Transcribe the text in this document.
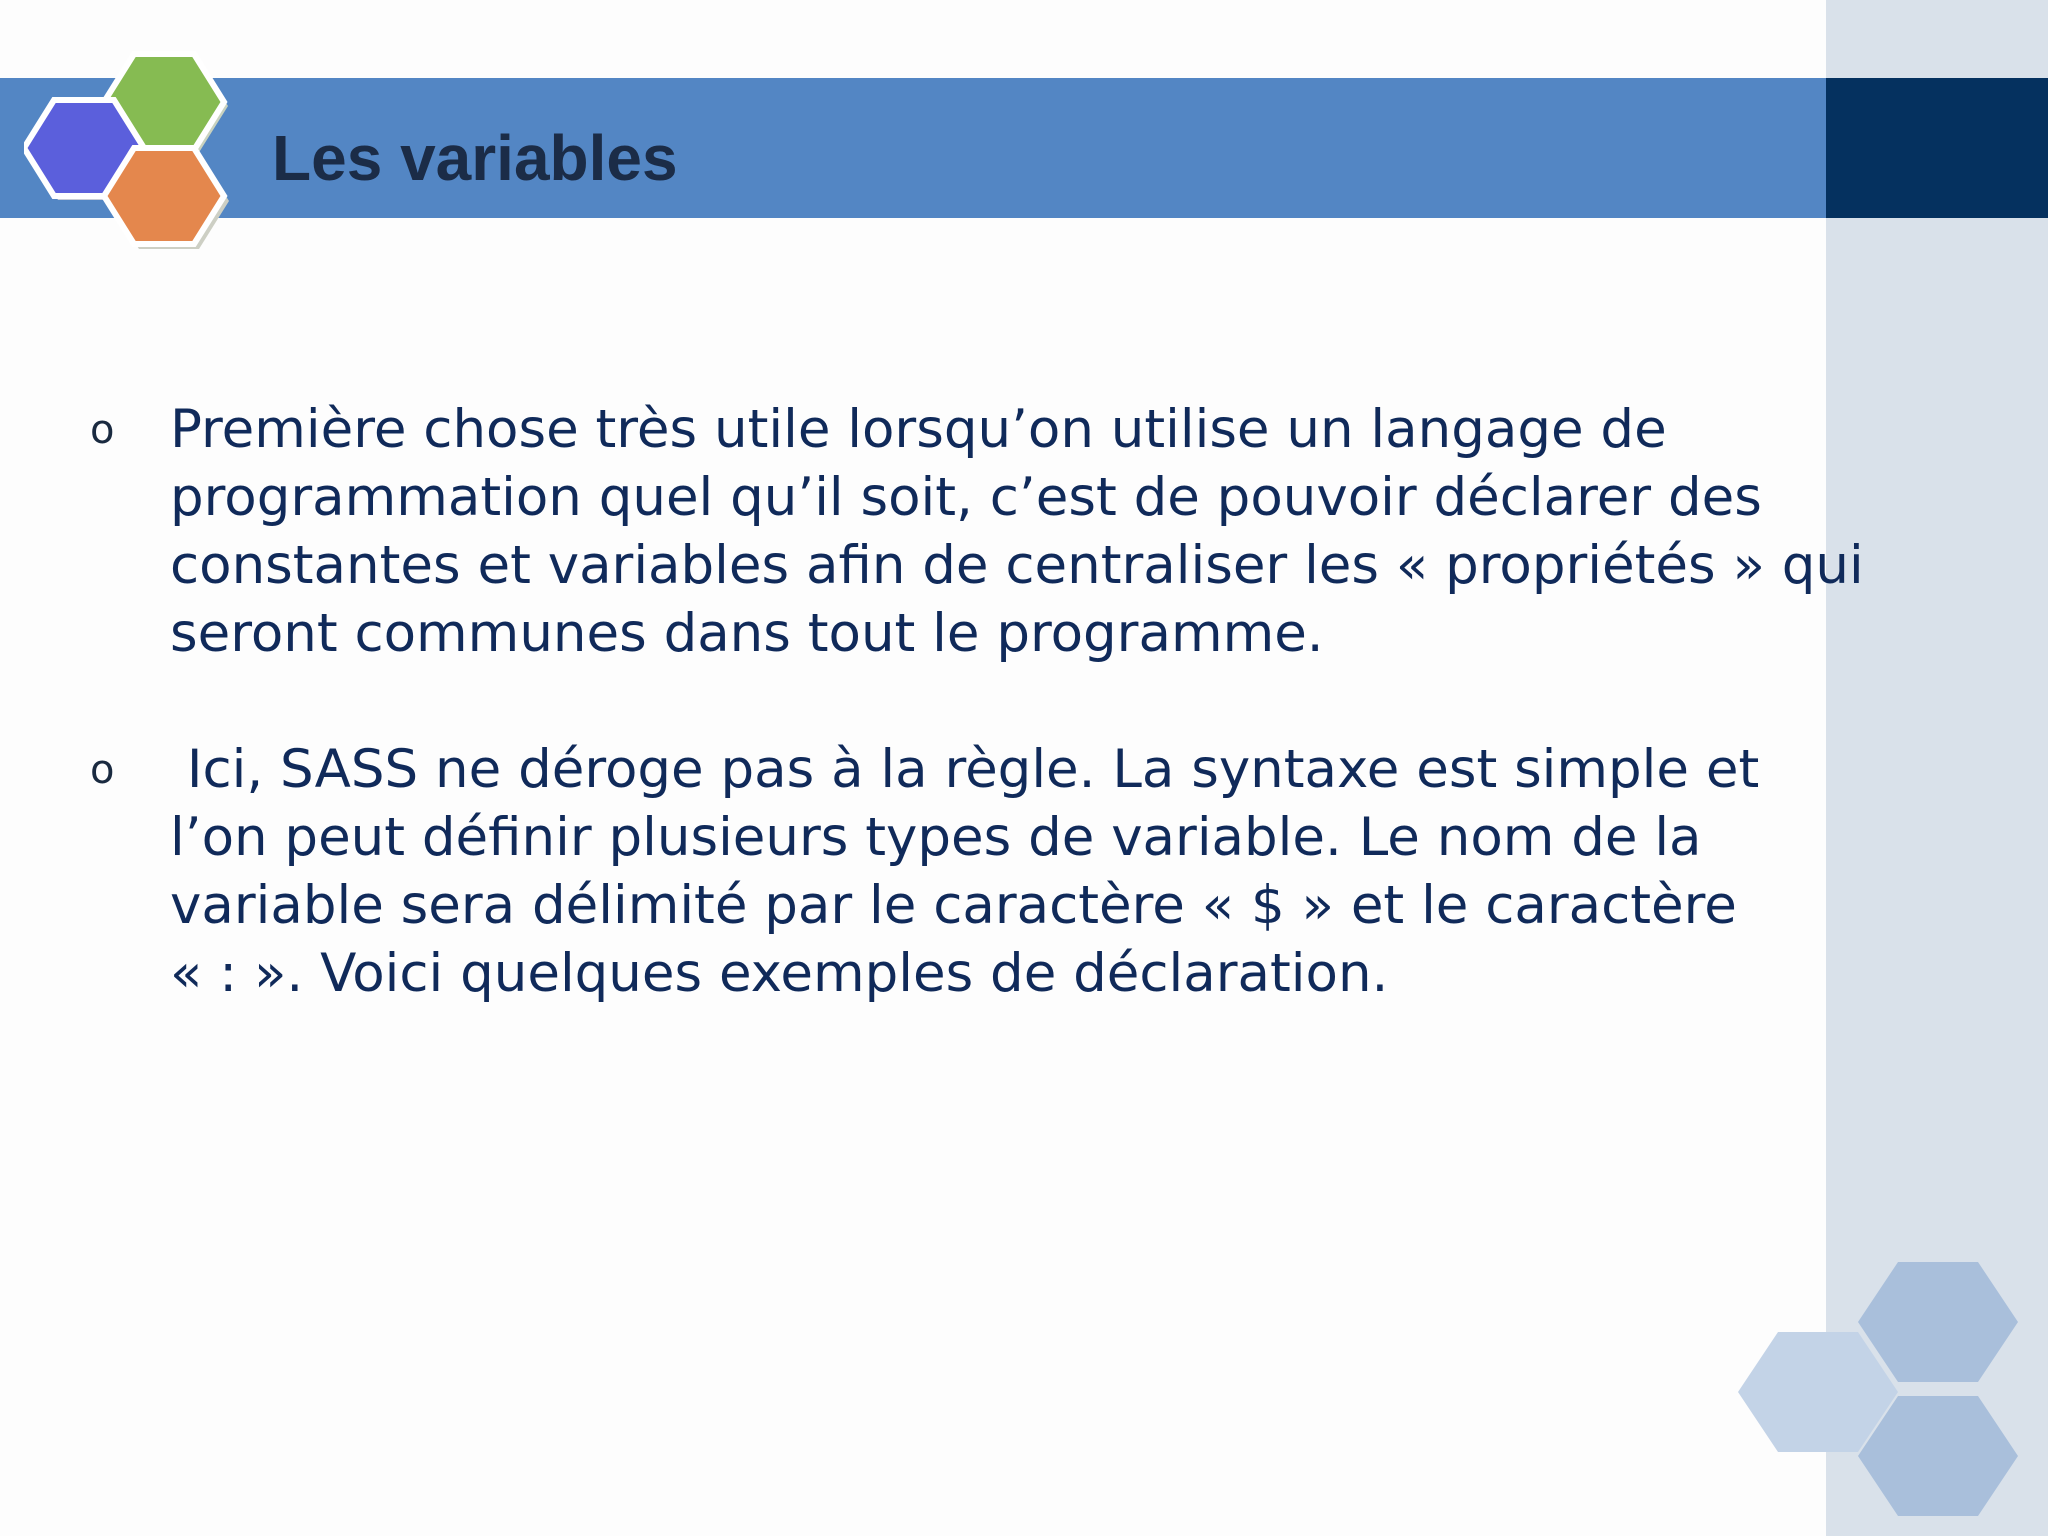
Les variables
o Première chose très utile lorsqu’on utilise un langage de
programmation quel qu’il soit, c’est de pouvoir déclarer des
constantes et variables afin de centraliser les « propriétés » qui
seront communes dans tout le programme.

o	Ici, SASS ne déroge pas à la règle. La syntaxe est simple et
l’on peut définir plusieurs types de variable. Le nom de la
variable sera délimité par le caractère « $ » et le caractère
« : ». Voici quelques exemples de déclaration.
